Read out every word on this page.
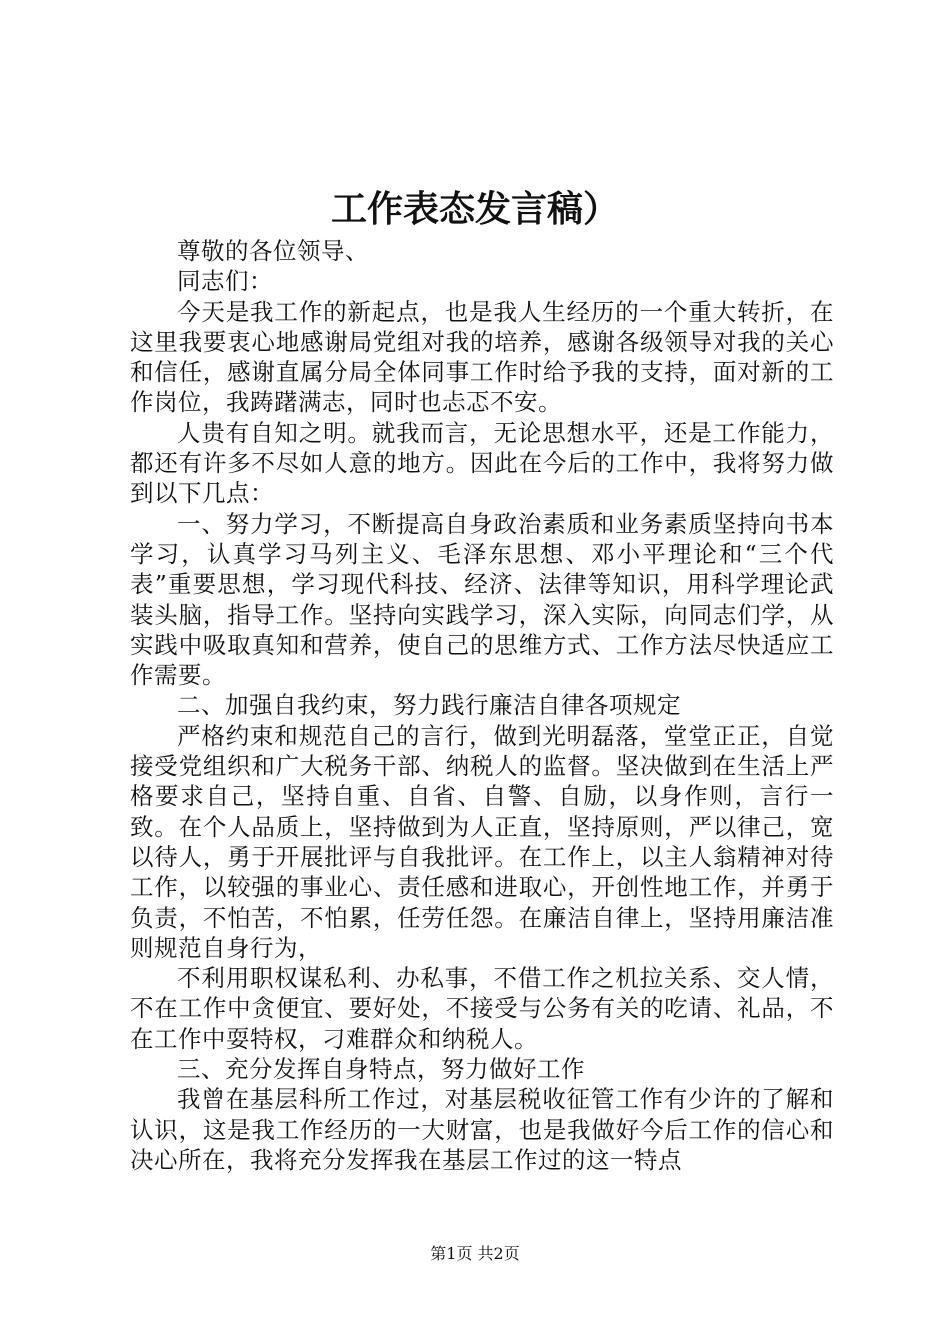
工作表态发言稿）

尊敬的各位领导、

同志们：

今天是我工作的新起点，也是我人生经历的一个重大转折，在这里我要衷心地感谢局党组对我的培养，感谢各级领导对我的关心和信任，感谢直属分局全体同事工作时给予我的支持，面对新的工作岗位，我踌躇满志，同时也忐忑不安。

人贵有自知之明。就我而言，无论思想水平，还是工作能力，都还有许多不尽如人意的地方。因此在今后的工作中，我将努力做到以下几点：

一、努力学习，不断提高自身政治素质和业务素质坚持向书本学习，认真学习马列主义、毛泽东思想、邓小平理论和“三个代表”重要思想，学习现代科技、经济、法律等知识，用科学理论武装头脑，指导工作。坚持向实践学习，深入实际，向同志们学，从实践中吸取真知和营养，使自己的思维方式、工作方法尽快适应工作需要。

二、加强自我约束，努力践行廉洁自律各项规定

严格约束和规范自己的言行，做到光明磊落，堂堂正正，自觉接受党组织和广大税务干部、纳税人的监督。坚决做到在生活上严格要求自己，坚持自重、自省、自警、自励，以身作则，言行一致。在个人品质上，坚持做到为人正直，坚持原则，严以律己，宽以待人，勇于开展批评与自我批评。在工作上，以主人翁精神对待工作，以较强的事业心、责任感和进取心，开创性地工作，并勇于负责，不怕苦，不怕累，任劳任怨。在廉洁自律上，坚持用廉洁准则规范自身行为，

不利用职权谋私利、办私事，不借工作之机拉关系、交人情，不在工作中贪便宜、要好处，不接受与公务有关的吃请、礼品，不在工作中耍特权，刁难群众和纳税人。

三、充分发挥自身特点，努力做好工作

我曾在基层科所工作过，对基层税收征管工作有少许的了解和认识，这是我工作经历的一大财富，也是我做好今后工作的信心和决心所在，我将充分发挥我在基层工作过的这一特点

第1页 共2页
